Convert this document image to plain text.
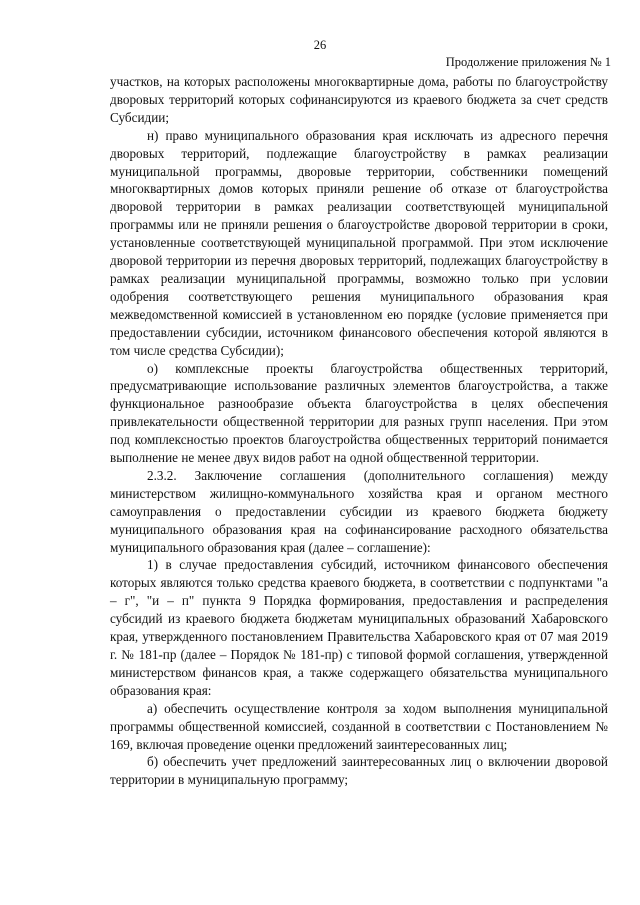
26
Продолжение приложения № 1

участков, на которых расположены многоквартирные дома, работы по благоустройству дворовых территорий которых софинансируются из краевого бюджета за счет средств Субсидии;

н) право муниципального образования края исключать из адресного перечня дворовых территорий, подлежащие благоустройству в рамках реализации муниципальной программы, дворовые территории, собственники помещений многоквартирных домов которых приняли решение об отказе от благоустройства дворовой территории в рамках реализации соответствующей муниципальной программы или не приняли решения о благоустройстве дворовой территории в сроки, установленные соответствующей муниципальной программой. При этом исключение дворовой территории из перечня дворовых территорий, подлежащих благоустройству в рамках реализации муниципальной программы, возможно только при условии одобрения соответствующего решения муниципального образования края межведомственной комиссией в установленном ею порядке (условие применяется при предоставлении субсидии, источником финансового обеспечения которой являются в том числе средства Субсидии);

о) комплексные проекты благоустройства общественных территорий, предусматривающие использование различных элементов благоустройства, а также функциональное разнообразие объекта благоустройства в целях обеспечения привлекательности общественной территории для разных групп населения. При этом под комплексностью проектов благоустройства общественных территорий понимается выполнение не менее двух видов работ на одной общественной территории.

2.3.2. Заключение соглашения (дополнительного соглашения) между министерством жилищно-коммунального хозяйства края и органом местного самоуправления о предоставлении субсидии из краевого бюджета бюджету муниципального образования края на софинансирование расходного обязательства муниципального образования края (далее – соглашение):

1) в случае предоставления субсидий, источником финансового обеспечения которых являются только средства краевого бюджета, в соответствии с подпунктами "а – г", "и – п" пункта 9 Порядка формирования, предоставления и распределения субсидий из краевого бюджета бюджетам муниципальных образований Хабаровского края, утвержденного постановлением Правительства Хабаровского края от 07 мая 2019 г. № 181-пр (далее – Порядок № 181-пр) с типовой формой соглашения, утвержденной министерством финансов края, а также содержащего обязательства муниципального образования края:

а) обеспечить осуществление контроля за ходом выполнения муниципальной программы общественной комиссией, созданной в соответствии с Постановлением № 169, включая проведение оценки предложений заинтересованных лиц;

б) обеспечить учет предложений заинтересованных лиц о включении дворовой территории в муниципальную программу;
